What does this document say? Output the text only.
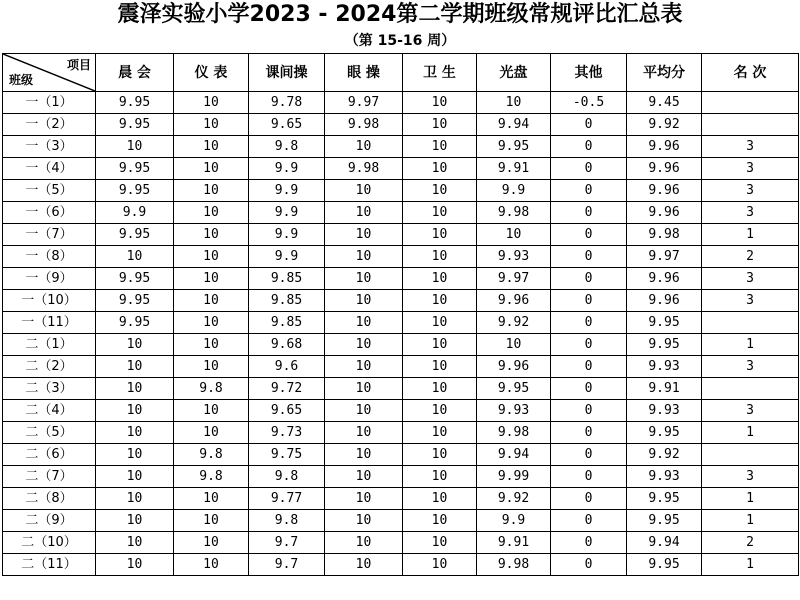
震泽实验小学2023 - 2024第二学期班级常规评比汇总表
（第 15-16 周）
项目
班级	晨 会	仪 表	课间操	眼 操	卫 生	光盘	其他	平均分	名 次
一（1）	9.95	10	9.78	9.97	10	10	-0.5	9.45	
一（2）	9.95	10	9.65	9.98	10	9.94	0	9.92	
一（3）	10	10	9.8	10	10	9.95	0	9.96	3
一（4）	9.95	10	9.9	9.98	10	9.91	0	9.96	3
一（5）	9.95	10	9.9	10	10	9.9	0	9.96	3
一（6）	9.9	10	9.9	10	10	9.98	0	9.96	3
一（7）	9.95	10	9.9	10	10	10	0	9.98	1
一（8）	10	10	9.9	10	10	9.93	0	9.97	2
一（9）	9.95	10	9.85	10	10	9.97	0	9.96	3
一（10）	9.95	10	9.85	10	10	9.96	0	9.96	3
一（11）	9.95	10	9.85	10	10	9.92	0	9.95	
二（1）	10	10	9.68	10	10	10	0	9.95	1
二（2）	10	10	9.6	10	10	9.96	0	9.93	3
二（3）	10	9.8	9.72	10	10	9.95	0	9.91	
二（4）	10	10	9.65	10	10	9.93	0	9.93	3
二（5）	10	10	9.73	10	10	9.98	0	9.95	1
二（6）	10	9.8	9.75	10	10	9.94	0	9.92	
二（7）	10	9.8	9.8	10	10	9.99	0	9.93	3
二（8）	10	10	9.77	10	10	9.92	0	9.95	1
二（9）	10	10	9.8	10	10	9.9	0	9.95	1
二（10）	10	10	9.7	10	10	9.91	0	9.94	2
二（11）	10	10	9.7	10	10	9.98	0	9.95	1
